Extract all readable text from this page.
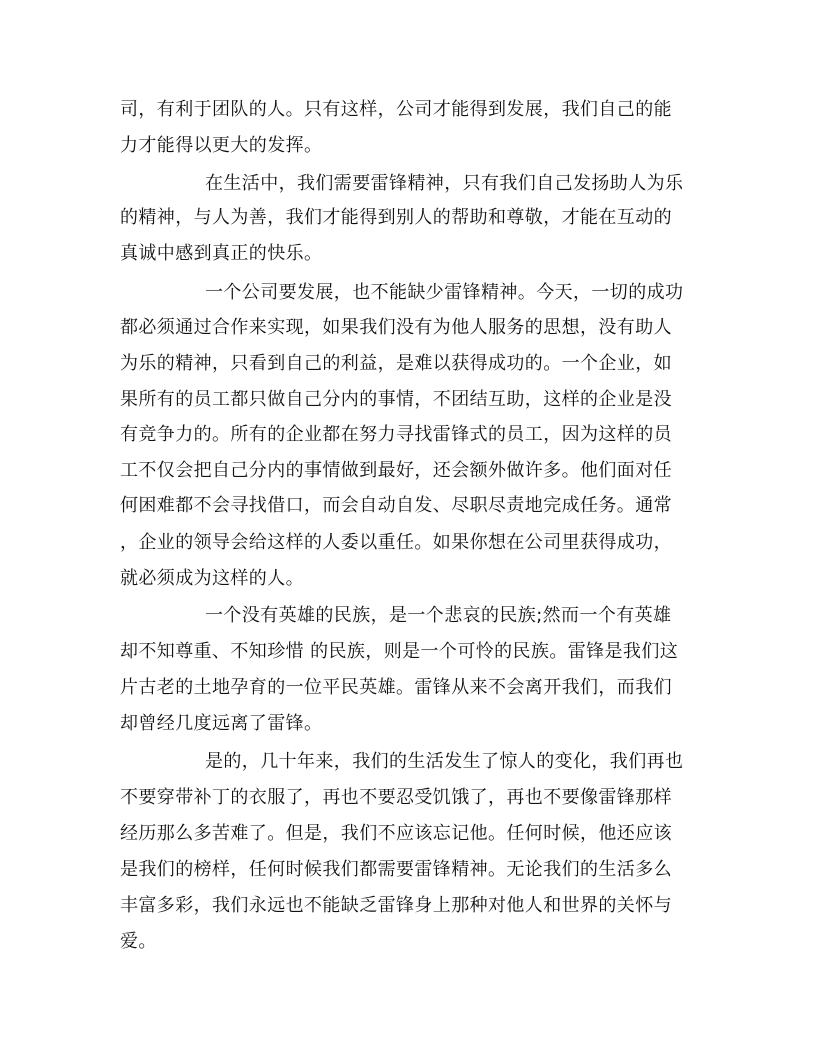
司，有利于团队的人。只有这样，公司才能得到发展，我们自己的能
力才能得以更大的发挥。
在生活中，我们需要雷锋精神，只有我们自己发扬助人为乐
的精神，与人为善，我们才能得到别人的帮助和尊敬，才能在互动的
真诚中感到真正的快乐。
一个公司要发展，也不能缺少雷锋精神。今天，一切的成功
都必须通过合作来实现，如果我们没有为他人服务的思想，没有助人
为乐的精神，只看到自己的利益，是难以获得成功的。一个企业，如
果所有的员工都只做自己分内的事情，不团结互助，这样的企业是没
有竞争力的。所有的企业都在努力寻找雷锋式的员工，因为这样的员
工不仅会把自己分内的事情做到最好，还会额外做许多。他们面对任
何困难都不会寻找借口，而会自动自发、尽职尽责地完成任务。通常
，企业的领导会给这样的人委以重任。如果你想在公司里获得成功，
就必须成为这样的人。
一个没有英雄的民族，是一个悲哀的民族;然而一个有英雄
却不知尊重、不知珍惜 的民族，则是一个可怜的民族。雷锋是我们这
片古老的土地孕育的一位平民英雄。雷锋从来不会离开我们，而我们
却曾经几度远离了雷锋。
是的，几十年来，我们的生活发生了惊人的变化，我们再也
不要穿带补丁的衣服了，再也不要忍受饥饿了，再也不要像雷锋那样
经历那么多苦难了。但是，我们不应该忘记他。任何时候，他还应该
是我们的榜样，任何时候我们都需要雷锋精神。无论我们的生活多么
丰富多彩，我们永远也不能缺乏雷锋身上那种对他人和世界的关怀与
爱。
